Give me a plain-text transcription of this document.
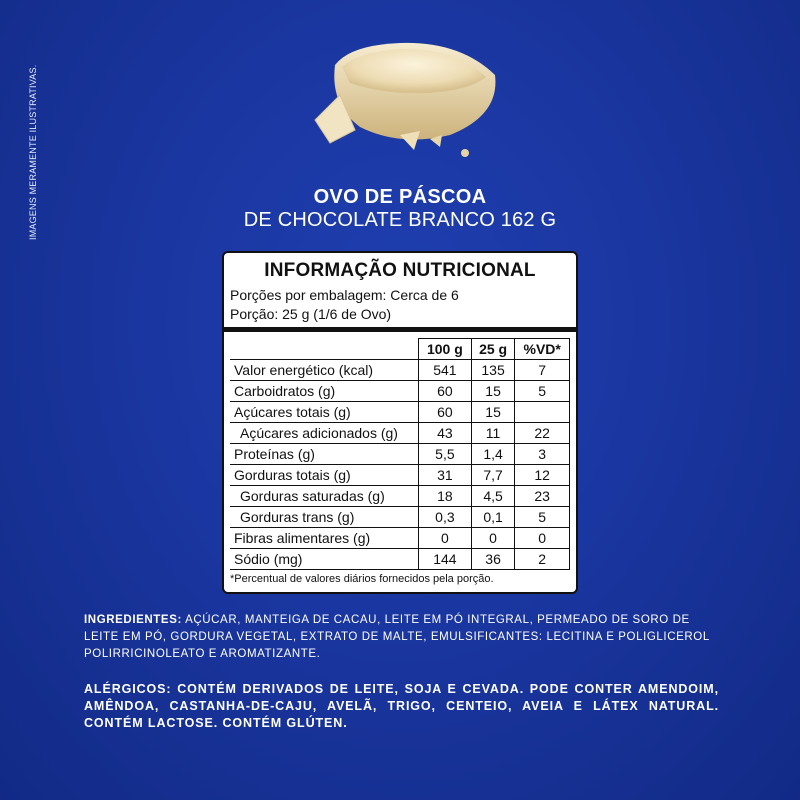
IMAGENS MERAMENTE ILUSTRATIVAS.	OVO DE PÁSCOA
DE CHOCOLATE BRANCO 162 G
INFORMAÇÃO NUTRICIONAL
Porções por embalagem: Cerca de 6
Porção: 25 g (1/6 de Ovo)
	100 g	25 g	%VD*
Valor energético (kcal)	541	135	7
Carboidratos (g)	60	15	5
Açúcares totais (g)	60	15	
Açúcares adicionados (g)	43	11	22
Proteínas (g)	5,5	1,4	3
Gorduras totais (g)	31	7,7	12
Gorduras saturadas (g)	18	4,5	23
Gorduras trans (g)	0,3	0,1	5
Fibras alimentares (g)	0	0	0
Sódio (mg)	144	36	2
*Percentual de valores diários fornecidos pela porção.
INGREDIENTES: AÇÚCAR, MANTEIGA DE CACAU, LEITE EM PÓ INTEGRAL, PERMEADO DE SORO DE LEITE EM PÓ, GORDURA VEGETAL, EXTRATO DE MALTE, EMULSIFICANTES: LECITINA E POLIGLICEROL POLIRRICINOLEATO E AROMATIZANTE.
ALÉRGICOS: CONTÉM DERIVADOS DE LEITE, SOJA E CEVADA. PODE CONTER AMENDOIM, AMÊNDOA, CASTANHA-DE-CAJU, AVELÃ, TRIGO, CENTEIO, AVEIA E LÁTEX NATURAL. CONTÉM LACTOSE. CONTÉM GLÚTEN.
